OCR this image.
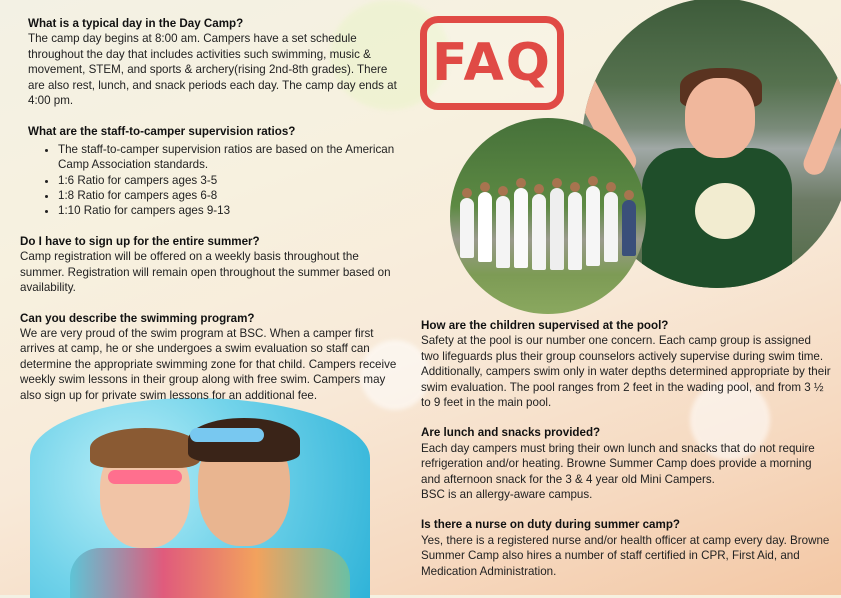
FAQ

What is a typical day in the Day Camp?

The camp day begins at 8:00 am. Campers have a set schedule throughout the day that includes activities such swimming, music & movement, STEM, and sports & archery(rising 2nd-8th grades). There are also rest, lunch, and snack periods each day. The camp day ends at 4:00 pm.

What are the staff-to-camper supervision ratios?

• The staff-to-camper supervision ratios are based on the American Camp Association standards.
• 1:6 Ratio for campers ages 3-5
• 1:8 Ratio for campers ages 6-8
• 1:10 Ratio for campers ages 9-13

Do I have to sign up for the entire summer?

Camp registration will be offered on a weekly basis throughout the summer. Registration will remain open throughout the summer based on availability.

Can you describe the swimming program?

We are very proud of the swim program at BSC. When a camper first arrives at camp, he or she undergoes a swim evaluation so staff can determine the appropriate swimming zone for that child. Campers receive weekly swim lessons in their group along with free swim. Campers may also sign up for private swim lessons for an additional fee.

How are the children supervised at the pool?

Safety at the pool is our number one concern. Each camp group is assigned two lifeguards plus their group counselors actively supervise during swim time. Additionally, campers swim only in water depths determined appropriate by their swim evaluation. The pool ranges from 2 feet in the wading pool, and from 3 ½ to 9 feet in the main pool.

Are lunch and snacks provided?

Each day campers must bring their own lunch and snacks that do not require refrigeration and/or heating. Browne Summer Camp does provide a morning and afternoon snack for the 3 & 4 year old Mini Campers.

BSC is an allergy-aware campus.

Is there a nurse on duty during summer camp?

Yes, there is a registered nurse and/or health officer at camp every day. Browne Summer Camp also hires a number of staff certified in CPR, First Aid, and Medication Administration.
